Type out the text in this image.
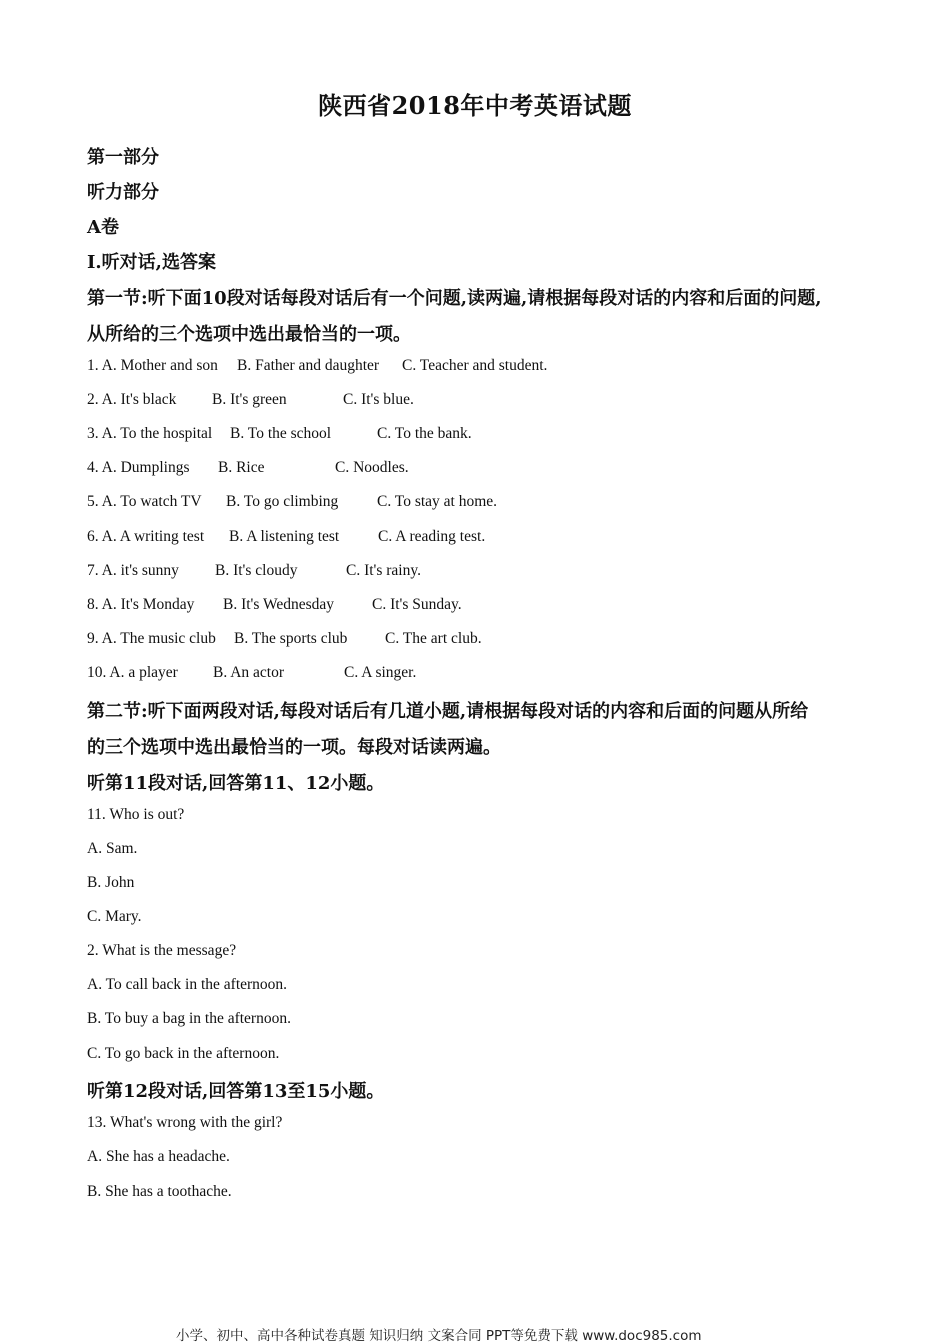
陕西省2018年中考英语试题
第一部分
听力部分
A卷
I.听对话,选答案
第一节:听下面10段对话每段对话后有一个问题,读两遍,请根据每段对话的内容和后面的问题,
从所给的三个选项中选出最恰当的一项。
1. A. Mother and son B. Father and daughter C. Teacher and student.
2. A. It's black B. It's green	C. It's blue.
3. A. To the hospital B. To the school	C. To the bank.
4. A. Dumplings B. Rice	C. Noodles.
5. A. To watch TV B. To go climbing C. To stay at home.
6. A. A writing test B. A listening test	C. A reading test.
7. A. it's sunny B. It's cloudy	C. It's rainy.
8. A. It's Monday B. It's Wednesday C. It's Sunday.
9. A. The music club B. The sports club C. The art club.
10. A. a player B. An actor	C. A singer.
第二节:听下面两段对话,每段对话后有几道小题,请根据每段对话的内容和后面的问题从所给
的三个选项中选出最恰当的一项。每段对话读两遍。
听第11段对话,回答第11、12小题。
11. Who is out?
A. Sam.
B. John
C. Mary.
2. What is the message?
A. To call back in the afternoon.
B. To buy a bag in the afternoon.
C. To go back in the afternoon.
听第12段对话,回答第13至15小题。
13. What's wrong with the girl?
A. She has a headache.
B. She has a toothache.
小学、初中、高中各种试卷真题 知识归纳 文案合同 PPT等免费下载 www.doc985.com
